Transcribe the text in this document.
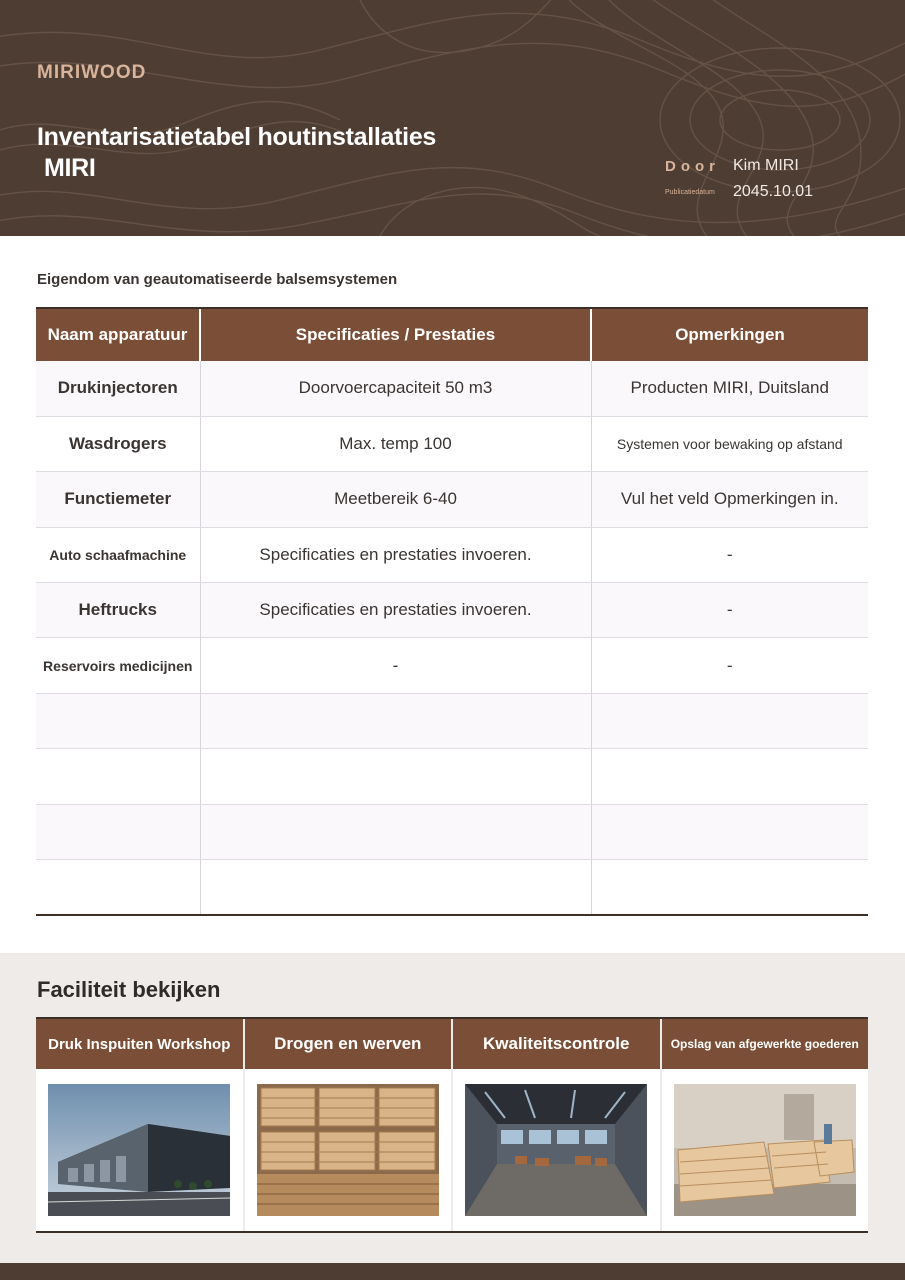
MIRIWOOD
Inventarisatietabel houtinstallaties
MIRI	Door Kim MIRI
Publicatiedatum	2045.10.01
Eigendom van geautomatiseerde balsemsystemen
Naam apparatuur	Specificaties / Prestaties	Opmerkingen
Drukinjectoren	Doorvoercapaciteit 50 m3	Producten MIRI, Duitsland
Wasdrogers	Max. temp 100	Systemen voor bewaking op afstand
Functiemeter	Meetbereik 6-40	Vul het veld Opmerkingen in.
Auto schaafmachine	Specificaties en prestaties invoeren.	-
Heftrucks	Specificaties en prestaties invoeren.	-
Reservoirs medicijnen	-	-

Faciliteit bekijken
Druk Inspuiten Workshop	Drogen en werven	Kwaliteitscontrole	Opslag van afgewerkte goederen
